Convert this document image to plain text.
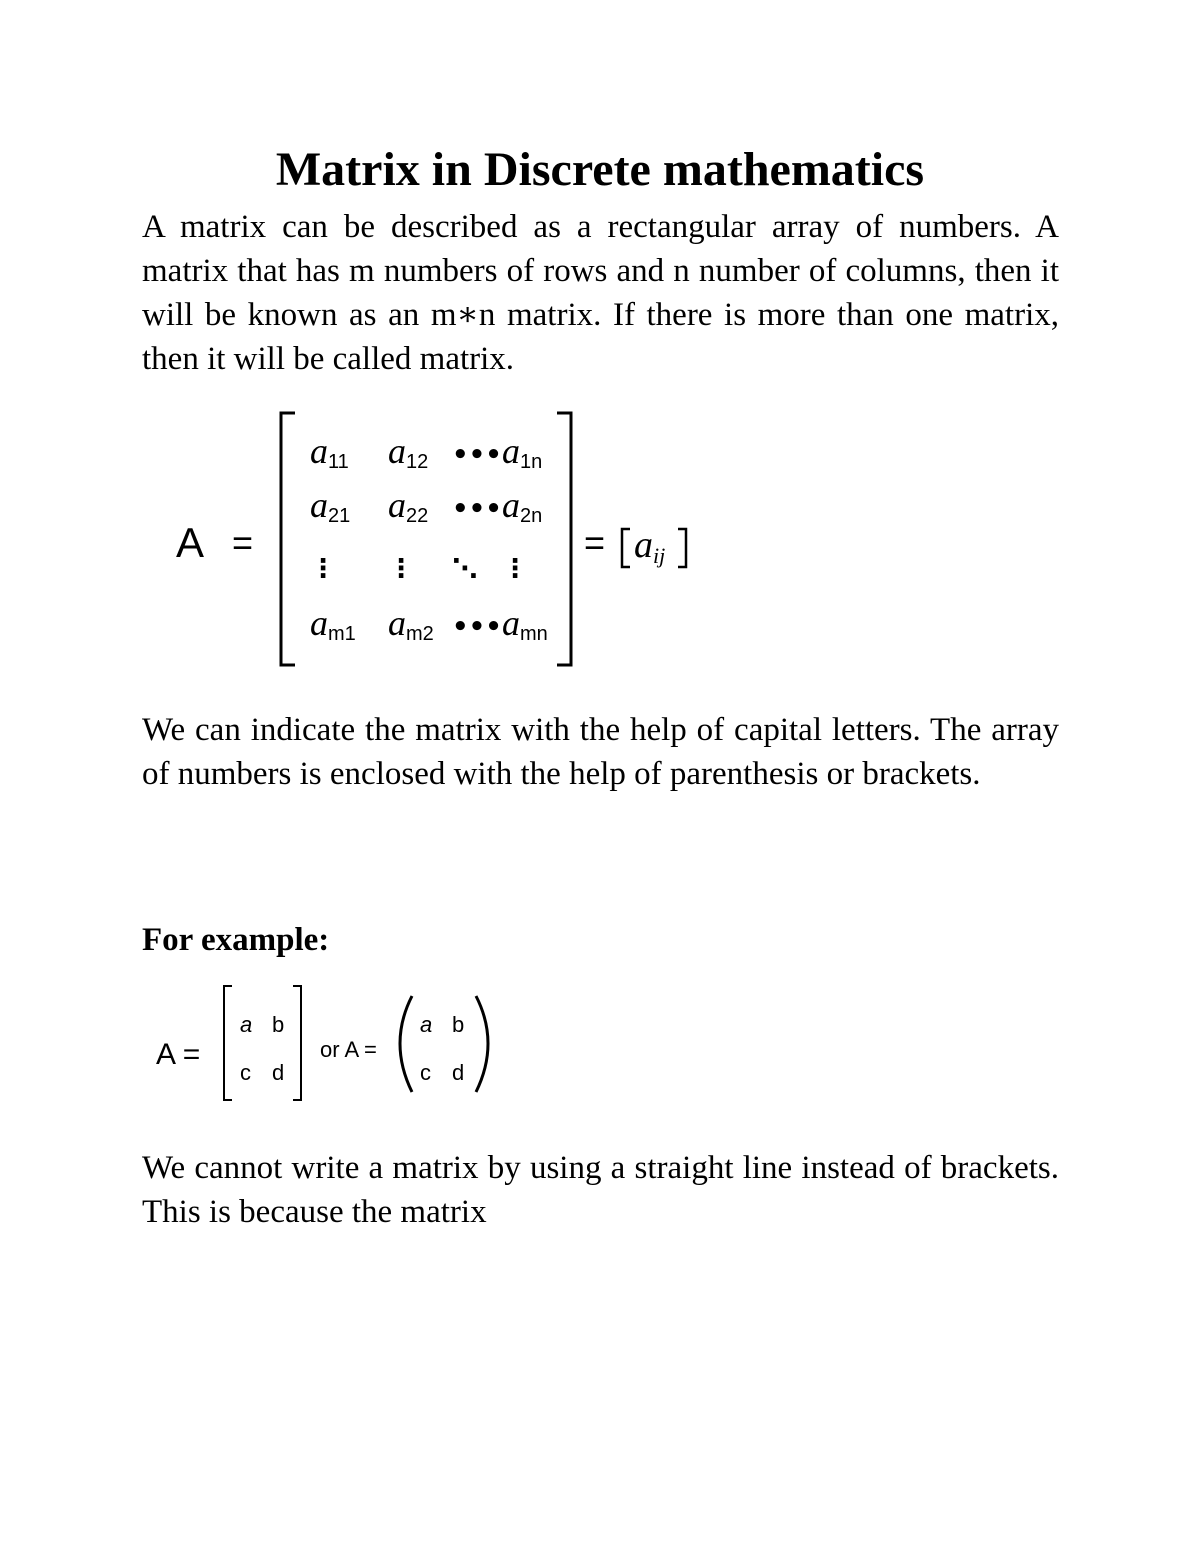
Matrix in Discrete mathematics

A matrix can be described as a rectangular array of numbers. A matrix that has m numbers of rows and n number of columns, then it will be known as an m∗n matrix. If there is more than one matrix, then it will be called matrix.

A =
a11 a12 ••• a1n
a21 a22 ••• a2n
⋮ ⋮ ⋱ ⋮
am1 am2 ••• amn
= a ij

We can indicate the matrix with the help of capital letters. The array of numbers is enclosed with the help of parenthesis or brackets.

For example:

A =
a b
c d
or A =
a b
c d

We cannot write a matrix by using a straight line instead of brackets. This is because the matrix
